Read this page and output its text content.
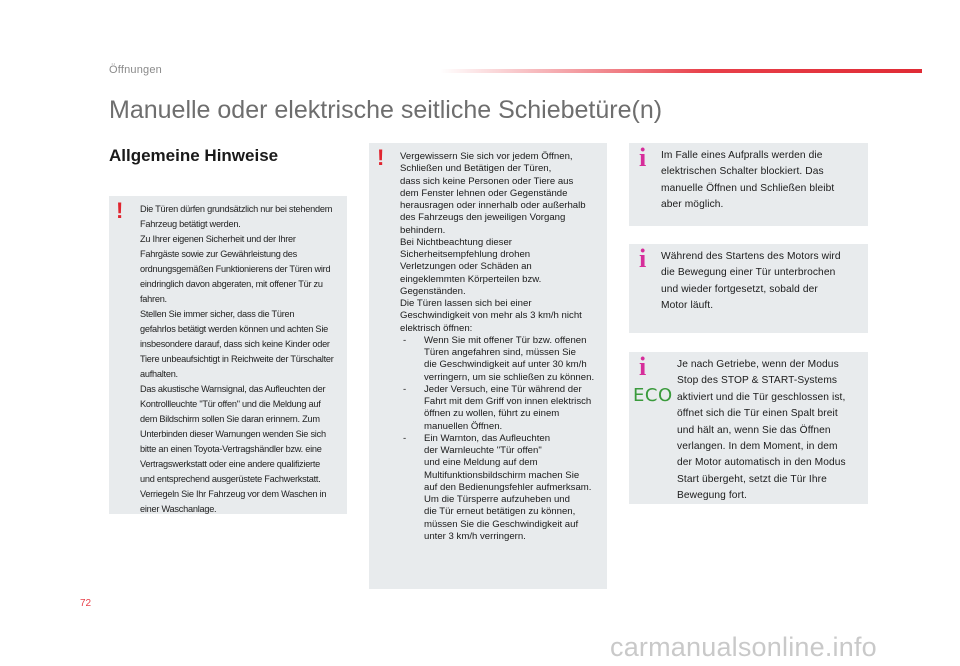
Öffnungen
Manuelle oder elektrische seitliche Schiebetüre(n)
Allgemeine Hinweise
! Die Türen dürfen grundsätzlich nur bei stehendem
Fahrzeug betätigt werden.
Zu Ihrer eigenen Sicherheit und der Ihrer
Fahrgäste sowie zur Gewährleistung des
ordnungsgemäßen Funktionierens der Türen wird
eindringlich davon abgeraten, mit offener Tür zu
fahren.
Stellen Sie immer sicher, dass die Türen
gefahrlos betätigt werden können und achten Sie
insbesondere darauf, dass sich keine Kinder oder
Tiere unbeaufsichtigt in Reichweite der Türschalter
aufhalten.
Das akustische Warnsignal, das Aufleuchten der
Kontrollleuchte "Tür offen" und die Meldung auf
dem Bildschirm sollen Sie daran erinnern. Zum
Unterbinden dieser Warnungen wenden Sie sich
bitte an einen Toyota-Vertragshändler bzw. eine
Vertragswerkstatt oder eine andere qualifizierte
und entsprechend ausgerüstete Fachwerkstatt.
Verriegeln Sie Ihr Fahrzeug vor dem Waschen in
einer Waschanlage.
! Vergewissern Sie sich vor jedem Öffnen,
Schließen und Betätigen der Türen,
dass sich keine Personen oder Tiere aus
dem Fenster lehnen oder Gegenstände
herausragen oder innerhalb oder außerhalb
des Fahrzeugs den jeweiligen Vorgang
behindern.
Bei Nichtbeachtung dieser
Sicherheitsempfehlung drohen
Verletzungen oder Schäden an
eingeklemmten Körperteilen bzw.
Gegenständen.
Die Türen lassen sich bei einer
Geschwindigkeit von mehr als 3 km/h nicht
elektrisch öffnen:
- Wenn Sie mit offener Tür bzw. offenen
Türen angefahren sind, müssen Sie
die Geschwindigkeit auf unter 30 km/h
verringern, um sie schließen zu können.
- Jeder Versuch, eine Tür während der
Fahrt mit dem Griff von innen elektrisch
öffnen zu wollen, führt zu einem
manuellen Öffnen.
- Ein Warnton, das Aufleuchten
der Warnleuchte "Tür offen"
und eine Meldung auf dem
Multifunktionsbildschirm machen Sie
auf den Bedienungsfehler aufmerksam.
Um die Türsperre aufzuheben und
die Tür erneut betätigen zu können,
müssen Sie die Geschwindigkeit auf
unter 3 km/h verringern.
i Im Falle eines Aufpralls werden die
elektrischen Schalter blockiert. Das
manuelle Öffnen und Schließen bleibt
aber möglich.
i Während des Startens des Motors wird
die Bewegung einer Tür unterbrochen
und wieder fortgesetzt, sobald der
Motor läuft.
i
ECO
Je nach Getriebe, wenn der Modus
Stop des STOP & START-Systems
aktiviert und die Tür geschlossen ist,
öffnet sich die Tür einen Spalt breit
und hält an, wenn Sie das Öffnen
verlangen. In dem Moment, in dem
der Motor automatisch in den Modus
Start übergeht, setzt die Tür Ihre
Bewegung fort.
72
carmanualsonline.info
